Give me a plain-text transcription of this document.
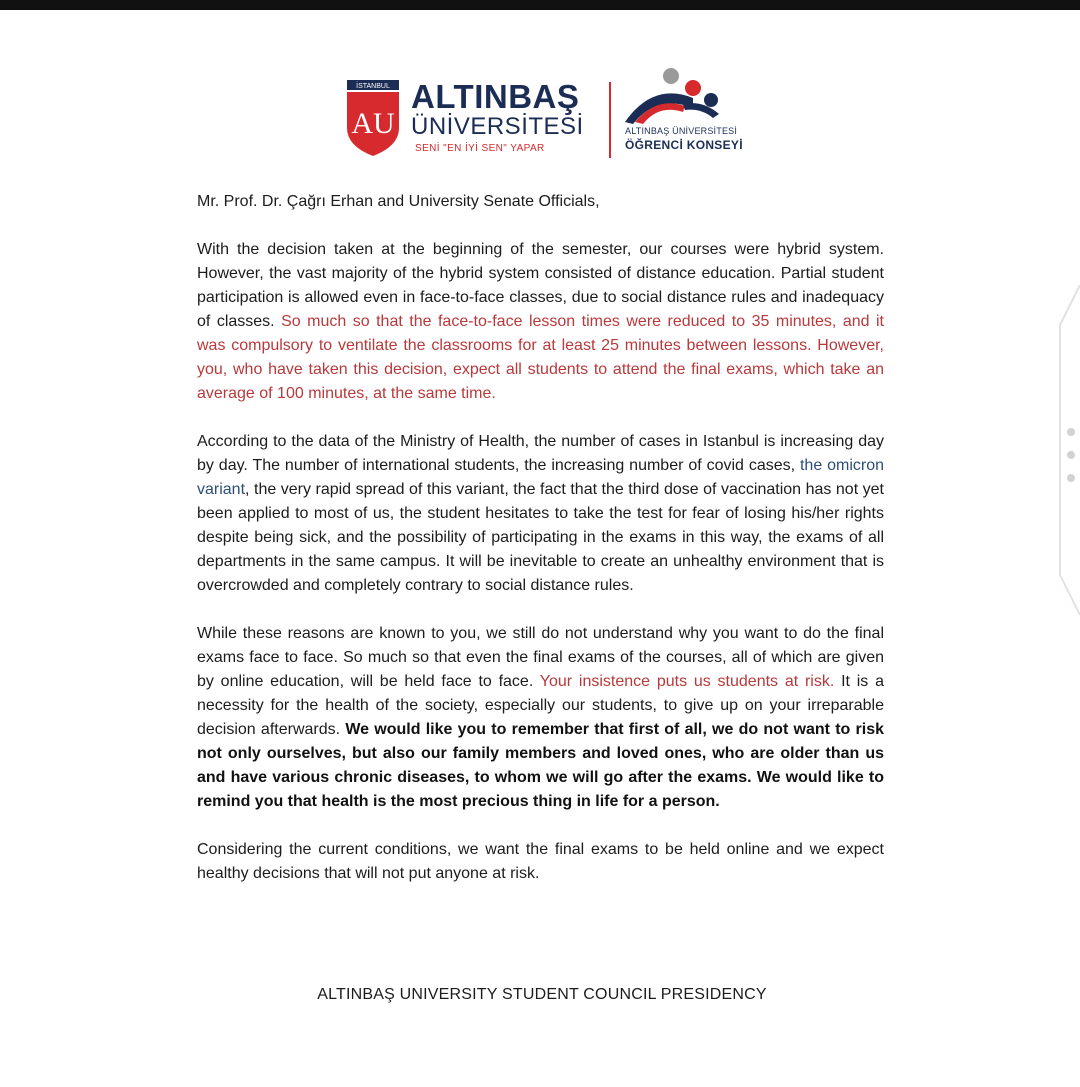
İSTANBUL
AU
ALTINBAŞ
ÜNİVERSİTESİ
SENİ "EN İYİ SEN" YAPAR
ALTINBAŞ ÜNİVERSİTESİ
ÖĞRENCİ KONSEYİ

Mr. Prof. Dr. Çağrı Erhan and University Senate Officials,

With the decision taken at the beginning of the semester, our courses were hybrid system. However, the vast majority of the hybrid system consisted of distance education. Partial student participation is allowed even in face-to-face classes, due to social distance rules and inadequacy of classes. So much so that the face-to-face lesson times were reduced to 35 minutes, and it was compulsory to ventilate the classrooms for at least 25 minutes between lessons. However, you, who have taken this decision, expect all students to attend the final exams, which take an average of 100 minutes, at the same time.

According to the data of the Ministry of Health, the number of cases in Istanbul is increasing day by day. The number of international students, the increasing number of covid cases, the omicron variant, the very rapid spread of this variant, the fact that the third dose of vaccination has not yet been applied to most of us, the student hesitates to take the test for fear of losing his/her rights despite being sick, and the possibility of participating in the exams in this way, the exams of all departments in the same campus. It will be inevitable to create an unhealthy environment that is overcrowded and completely contrary to social distance rules.

While these reasons are known to you, we still do not understand why you want to do the final exams face to face. So much so that even the final exams of the courses, all of which are given by online education, will be held face to face. Your insistence puts us students at risk. It is a necessity for the health of the society, especially our students, to give up on your irreparable decision afterwards. We would like you to remember that first of all, we do not want to risk not only ourselves, but also our family members and loved ones, who are older than us and have various chronic diseases, to whom we will go after the exams. We would like to remind you that health is the most precious thing in life for a person.

Considering the current conditions, we want the final exams to be held online and we expect healthy decisions that will not put anyone at risk.

ALTINBAŞ UNIVERSITY STUDENT COUNCIL PRESIDENCY
